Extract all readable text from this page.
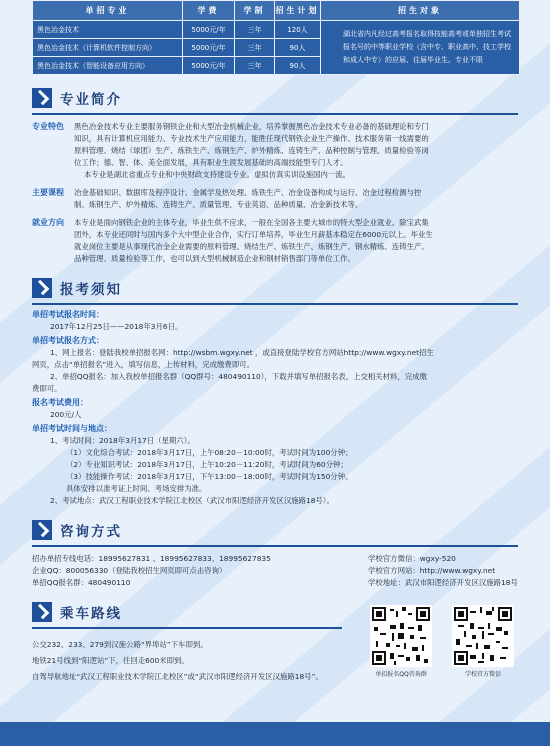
单招专业	学费	学制	招生计划	招生对象
黑色冶金技术	5000元/年	三年	120人	湖北省内凡经过高考报名取得技能高考或单独招生考试报名号的中等职业学校（含中专、职业高中、技工学校和成人中专）的应届、往届毕业生。专业不限
黑色冶金技术（计算机软件控制方向）	5000元/年	三年	90人	
黑色冶金技术（智能设备应用方向）	5000元/年	三年	90人	
专业简介
专业特色	黑色冶金技术专业主要服务钢铁企业和大型冶金机械企业，培养掌握黑色冶金技术专业必备的基础理论和专门
知识，具有计算机应用能力、专业技术生产应用能力，能胜任现代钢铁企业生产操作、技术服务第一线需要的
原料管理、烧结（球团）生产、炼铁生产、炼钢生产、炉外精炼、连铸生产、品种控制与管理、质量检验等岗
位工作；德、智、体、美全面发展，具有职业生涯发展基础的高端技能型专门人才。
本专业是湖北省重点专业和中央财政支持建设专业。虚拟仿真实训设施国内一流。
主要课程	冶金基础知识、数据库及程序设计、金属学及热处理、炼铁生产、冶金设备构成与运行、冶金过程检测与控
制、炼钢生产、炉外精炼、连铸生产、质量管理、专业英语、品种质量、冶金新技术等。
就业方向	本专业是面向钢铁企业的主体专业，毕业生供不应求，一般在全国各主要大城市的特大型企业就业。除宝武集
团外，本专业还同时与国内多个大中型企业合作，实行订单培养，毕业生月薪基本稳定在6000元以上。毕业生
就业岗位主要是从事现代冶金企业需要的原料管理、烧结生产、炼铁生产、炼钢生产、钢水精炼、连铸生产、
品种管理、质量检验等工作，也可以到大型机械制造企业和钢材销售部门等单位工作。
报考须知
单招考试报名时间：
2017年12月25日——2018年3月6日。
单招考试报名方式：
1、网上报名：登陆我校单招报名网：http://wsbm.wgxy.net ，或直接登陆学校官方网站http://www.wgxy.net招生
网页，点击“单招报名”进入，填写信息，上传材料，完成缴费即可。
2、单招QQ报名：加入我校单招报名群（QQ群号：480490110），下载并填写单招报名表，上交相关材料，完成缴
费即可。
报名考试费用：
200元/人
单招考试时间与地点：
1、考试时间：2018年3月17日（星期六）。
（1）文化综合考试：2018年3月17日，上午08:20－10:00时，考试时间为100分钟；
（2）专业知识考试：2018年3月17日，上午10:20－11:20时，考试时间为60分钟；
（3）技能操作考试：2018年3月17日，下午13:00－18:00时，考试时间为150分钟。
具体安排以准考证上时间、考场安排为准。
2、考试地点：武汉工程职业技术学院江北校区（武汉市阳逻经济开发区汉施路18号）。
咨询方式
招办单招专线电话：18995627831 、18995627833、18995627835
企业QQ：800056330（登陆我校招生网页即可点击咨询）
单招QQ报名群：480490110
学校官方微信：wgxy-520
学校官方网站：http://www.wgxy.net
学校地址：武汉市阳逻经济开发区汉施路18号
乘车路线
公交232、233、279到汉施公路“界埠站”下车即到。
地铁21号线到“阳逻站”下，往回走600米即到。
自驾导航地址“武汉工程职业技术学院江北校区”或“武汉市阳逻经济开发区汉施路18号”。	单招报名QQ咨询群	学校官方微信
